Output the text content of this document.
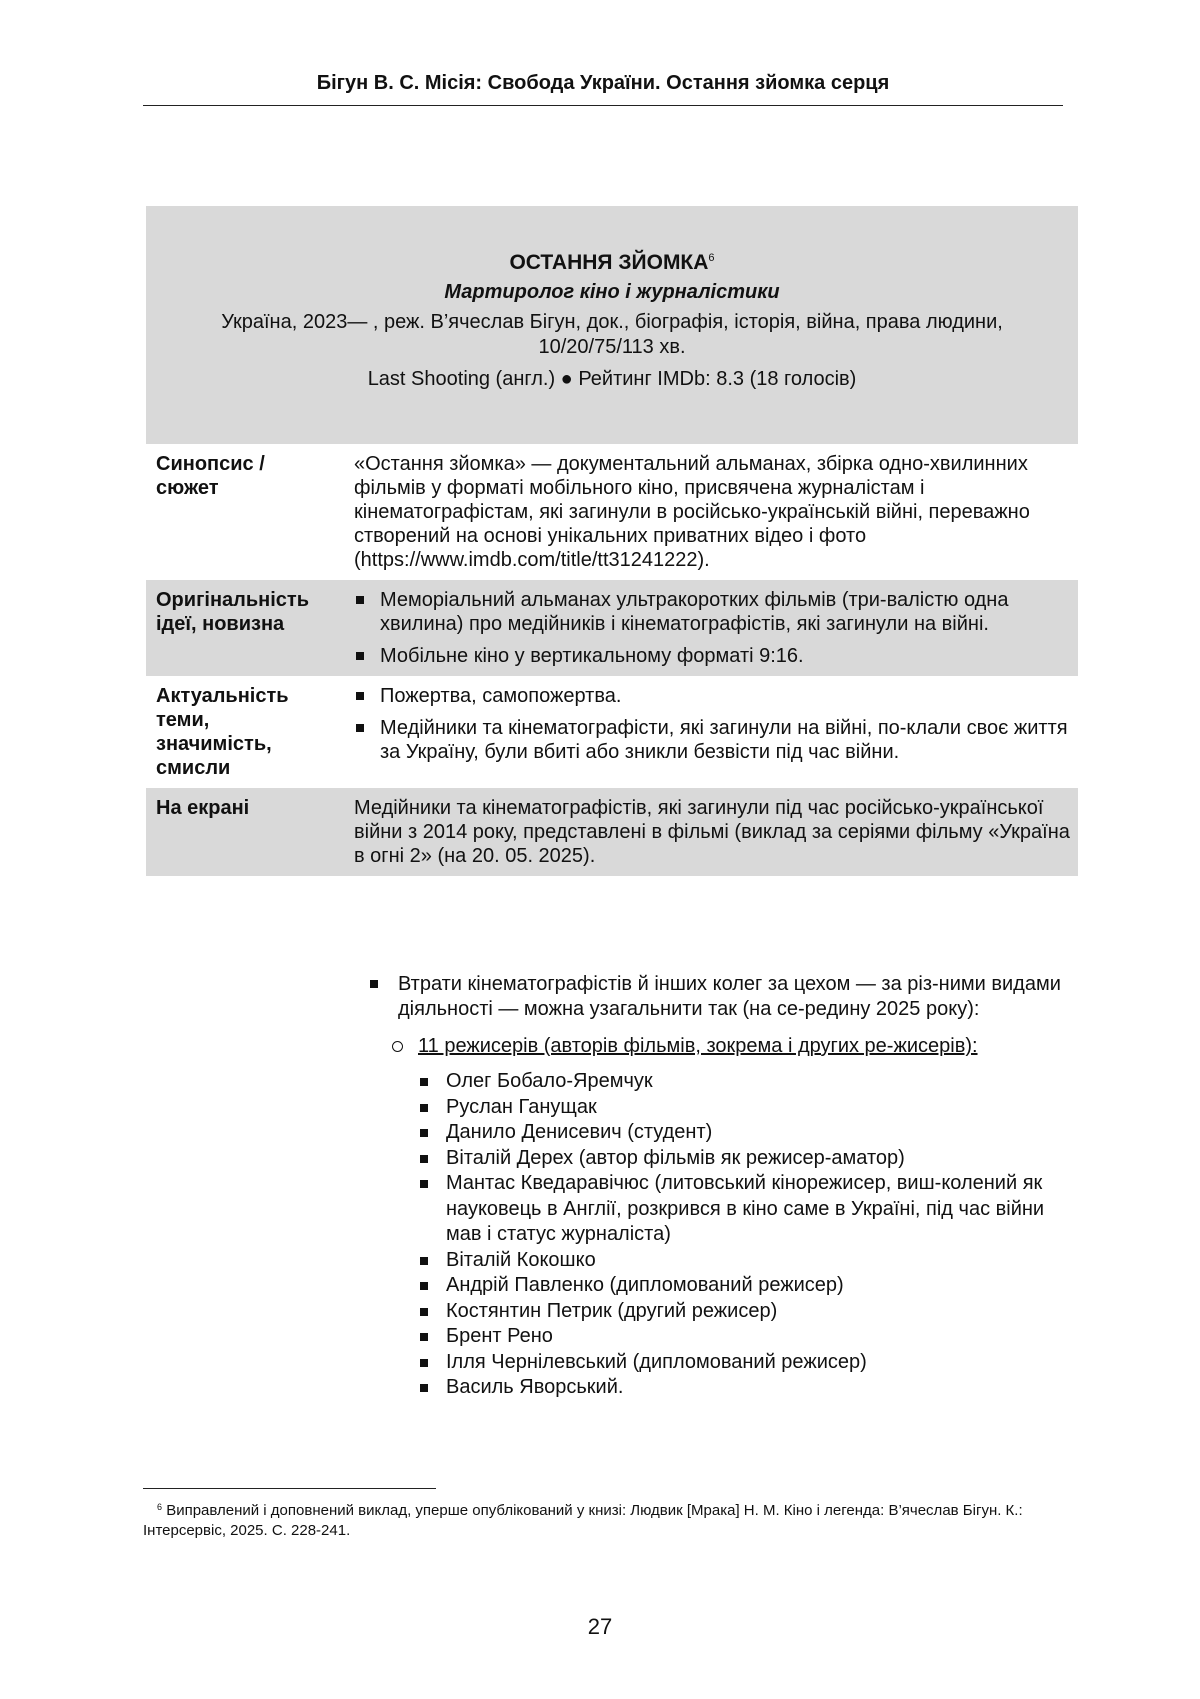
Бігун В. С. Місія: Свобода України. Остання зйомка серця
ОСТАННЯ ЗЙОМКА$^6$
Мартиролог кіно і журналістики
Україна, 2023— , реж. В’ячеслав Бігун, док., біографія, історія, війна, права людини, 10/20/75/113 хв.
Last Shooting (англ.) ● Рейтинг IMDb: 8.3 (18 голосів)
Синопсис / сюжет
«Остання зйомка» — документальний альманах, збірка одно-хвилинних фільмів у форматі мобільного кіно, присвячена журналістам і кінематографістам, які загинули в російсько-українській війні, переважно створений на основі унікальних приватних відео і фото (https://www.imdb.com/title/tt31241222).
Оригінальність ідеї, новизна
Меморіальний альманах ультракоротких фільмів (три-валістю одна хвилина) про медійників і кінематографістів, які загинули на війні.
Мобільне кіно у вертикальному форматі 9:16.
Актуальність теми, значимість, смисли
Пожертва, самопожертва.
Медійники та кінематографісти, які загинули на війні, по-клали своє життя за Україну, були вбиті або зникли безвісти під час війни.
На екрані	Медійники та кінематографістів, які загинули під час російсько-української війни з 2014 року, представлені в фільмі (виклад за серіями фільму «Україна в огні 2» (на 20. 05. 2025).
Втрати кінематографістів й інших колег за цехом — за різ-ними видами діяльності — можна узагальнити так (на се-редину 2025 року):
11 режисерів (авторів фільмів, зокрема і других ре-жисерів):
Олег Бобало-Яремчук
Руслан Ганущак
Данило Денисевич (студент)
Віталій Дерех (автор фільмів як режисер-аматор)
Мантас Кведаравічюс (литовський кінорежисер, виш-колений як науковець в Англії, розкрився в кіно саме в Україні, під час війни мав і статус журналіста)
Віталій Кокошко
Андрій Павленко (дипломований режисер)
Костянтин Петрик (другий режисер)
Брент Рено
Ілля Чернілевський (дипломований режисер)
Василь Яворський.
$^6$ Виправлений і доповнений виклад, уперше опублікований у книзі: Людвик [Мрака] Н. М. Кіно і легенда: В’ячеслав Бігун. К.: Інтерсервіс, 2025. С. 228-241.
27
